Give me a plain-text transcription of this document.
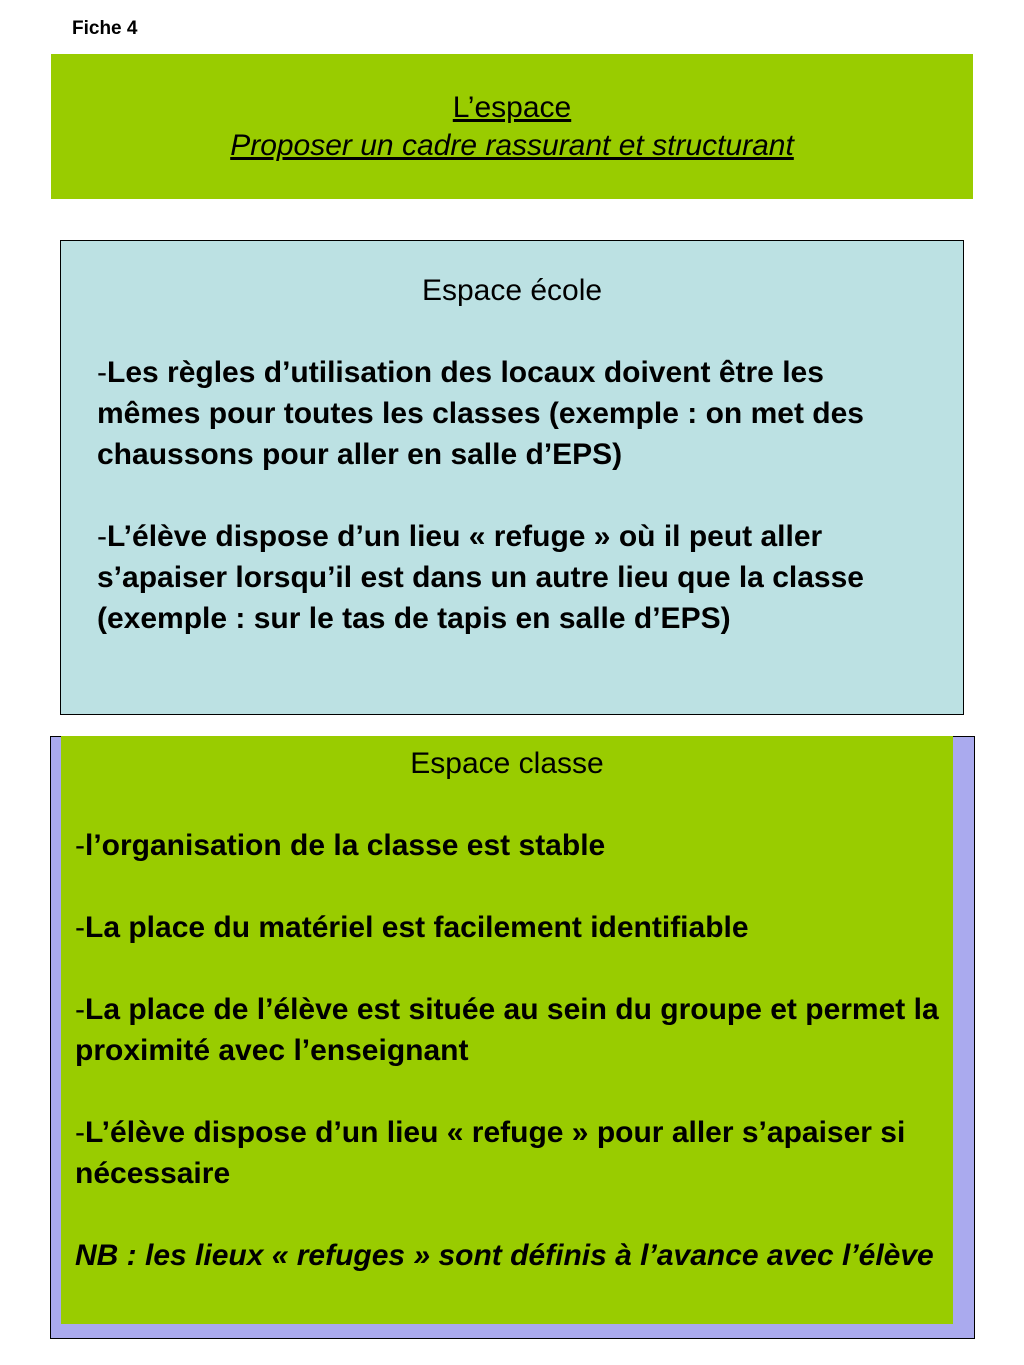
Fiche 4
L’espace
Proposer un cadre rassurant et structurant
Espace école
-Les règles d’utilisation des locaux doivent être les mêmes pour toutes les classes (exemple : on met des chaussons pour aller en salle d’EPS)
-L’élève dispose d’un lieu « refuge » où il peut aller s’apaiser lorsqu’il est dans un autre lieu que la classe (exemple : sur le tas de tapis en salle d’EPS)
Espace classe
-l’organisation de la classe est stable
-La place du matériel est facilement identifiable
-La place de l’élève est située au sein du groupe et permet la proximité avec l’enseignant
-L’élève dispose d’un lieu « refuge » pour aller s’apaiser si nécessaire

NB : les lieux « refuges » sont définis à l’avance avec l’élève
